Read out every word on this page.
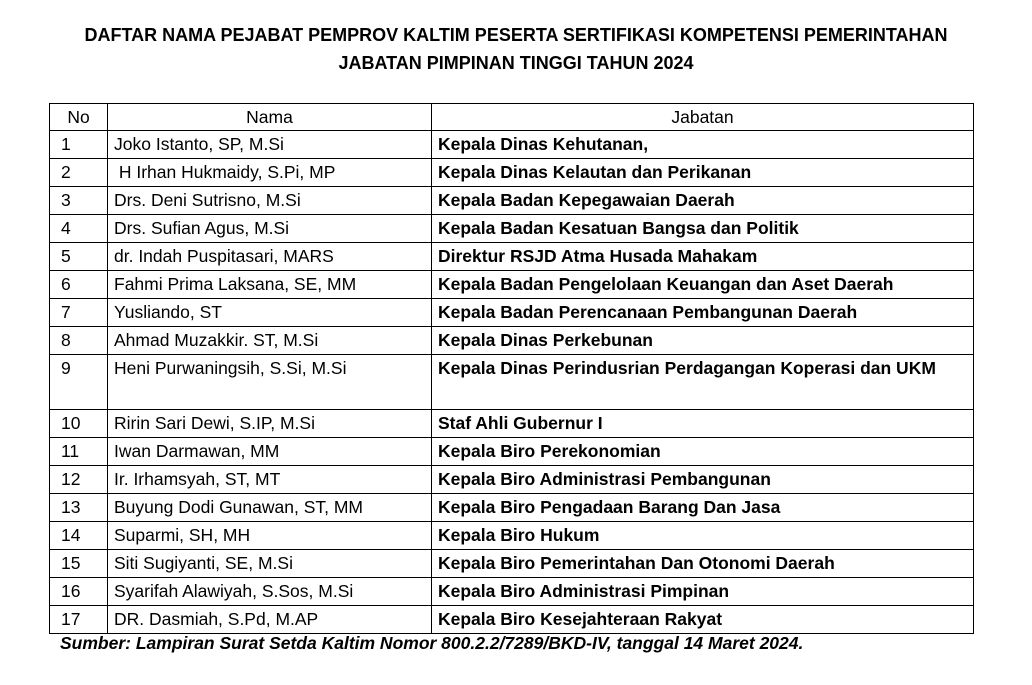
DAFTAR NAMA PEJABAT PEMPROV KALTIM PESERTA SERTIFIKASI KOMPETENSI PEMERINTAHAN
JABATAN PIMPINAN TINGGI TAHUN 2024
No	Nama	Jabatan
1	Joko Istanto, SP, M.Si	Kepala Dinas Kehutanan,
2	H Irhan Hukmaidy, S.Pi, MP	Kepala Dinas Kelautan dan Perikanan
3	Drs. Deni Sutrisno, M.Si	Kepala Badan Kepegawaian Daerah
4	Drs. Sufian Agus, M.Si	Kepala Badan Kesatuan Bangsa dan Politik
5	dr. Indah Puspitasari, MARS	Direktur RSJD Atma Husada Mahakam
6	Fahmi Prima Laksana, SE, MM	Kepala Badan Pengelolaan Keuangan dan Aset Daerah
7	Yusliando, ST	Kepala Badan Perencanaan Pembangunan Daerah
8	Ahmad Muzakkir. ST, M.Si	Kepala Dinas Perkebunan
9	Heni Purwaningsih, S.Si, M.Si	Kepala Dinas Perindusrian Perdagangan Koperasi dan UKM
10	Ririn Sari Dewi, S.IP, M.Si	Staf Ahli Gubernur I
11	Iwan Darmawan, MM	Kepala Biro Perekonomian
12	Ir. Irhamsyah, ST, MT	Kepala Biro Administrasi Pembangunan
13	Buyung Dodi Gunawan, ST, MM	Kepala Biro Pengadaan Barang Dan Jasa
14	Suparmi, SH, MH	Kepala Biro Hukum
15	Siti Sugiyanti, SE, M.Si	Kepala Biro Pemerintahan Dan Otonomi Daerah
16	Syarifah Alawiyah, S.Sos, M.Si	Kepala Biro Administrasi Pimpinan
17	DR. Dasmiah, S.Pd, M.AP	Kepala Biro Kesejahteraan Rakyat
Sumber: Lampiran Surat Setda Kaltim Nomor 800.2.2/7289/BKD-IV, tanggal 14 Maret 2024.
